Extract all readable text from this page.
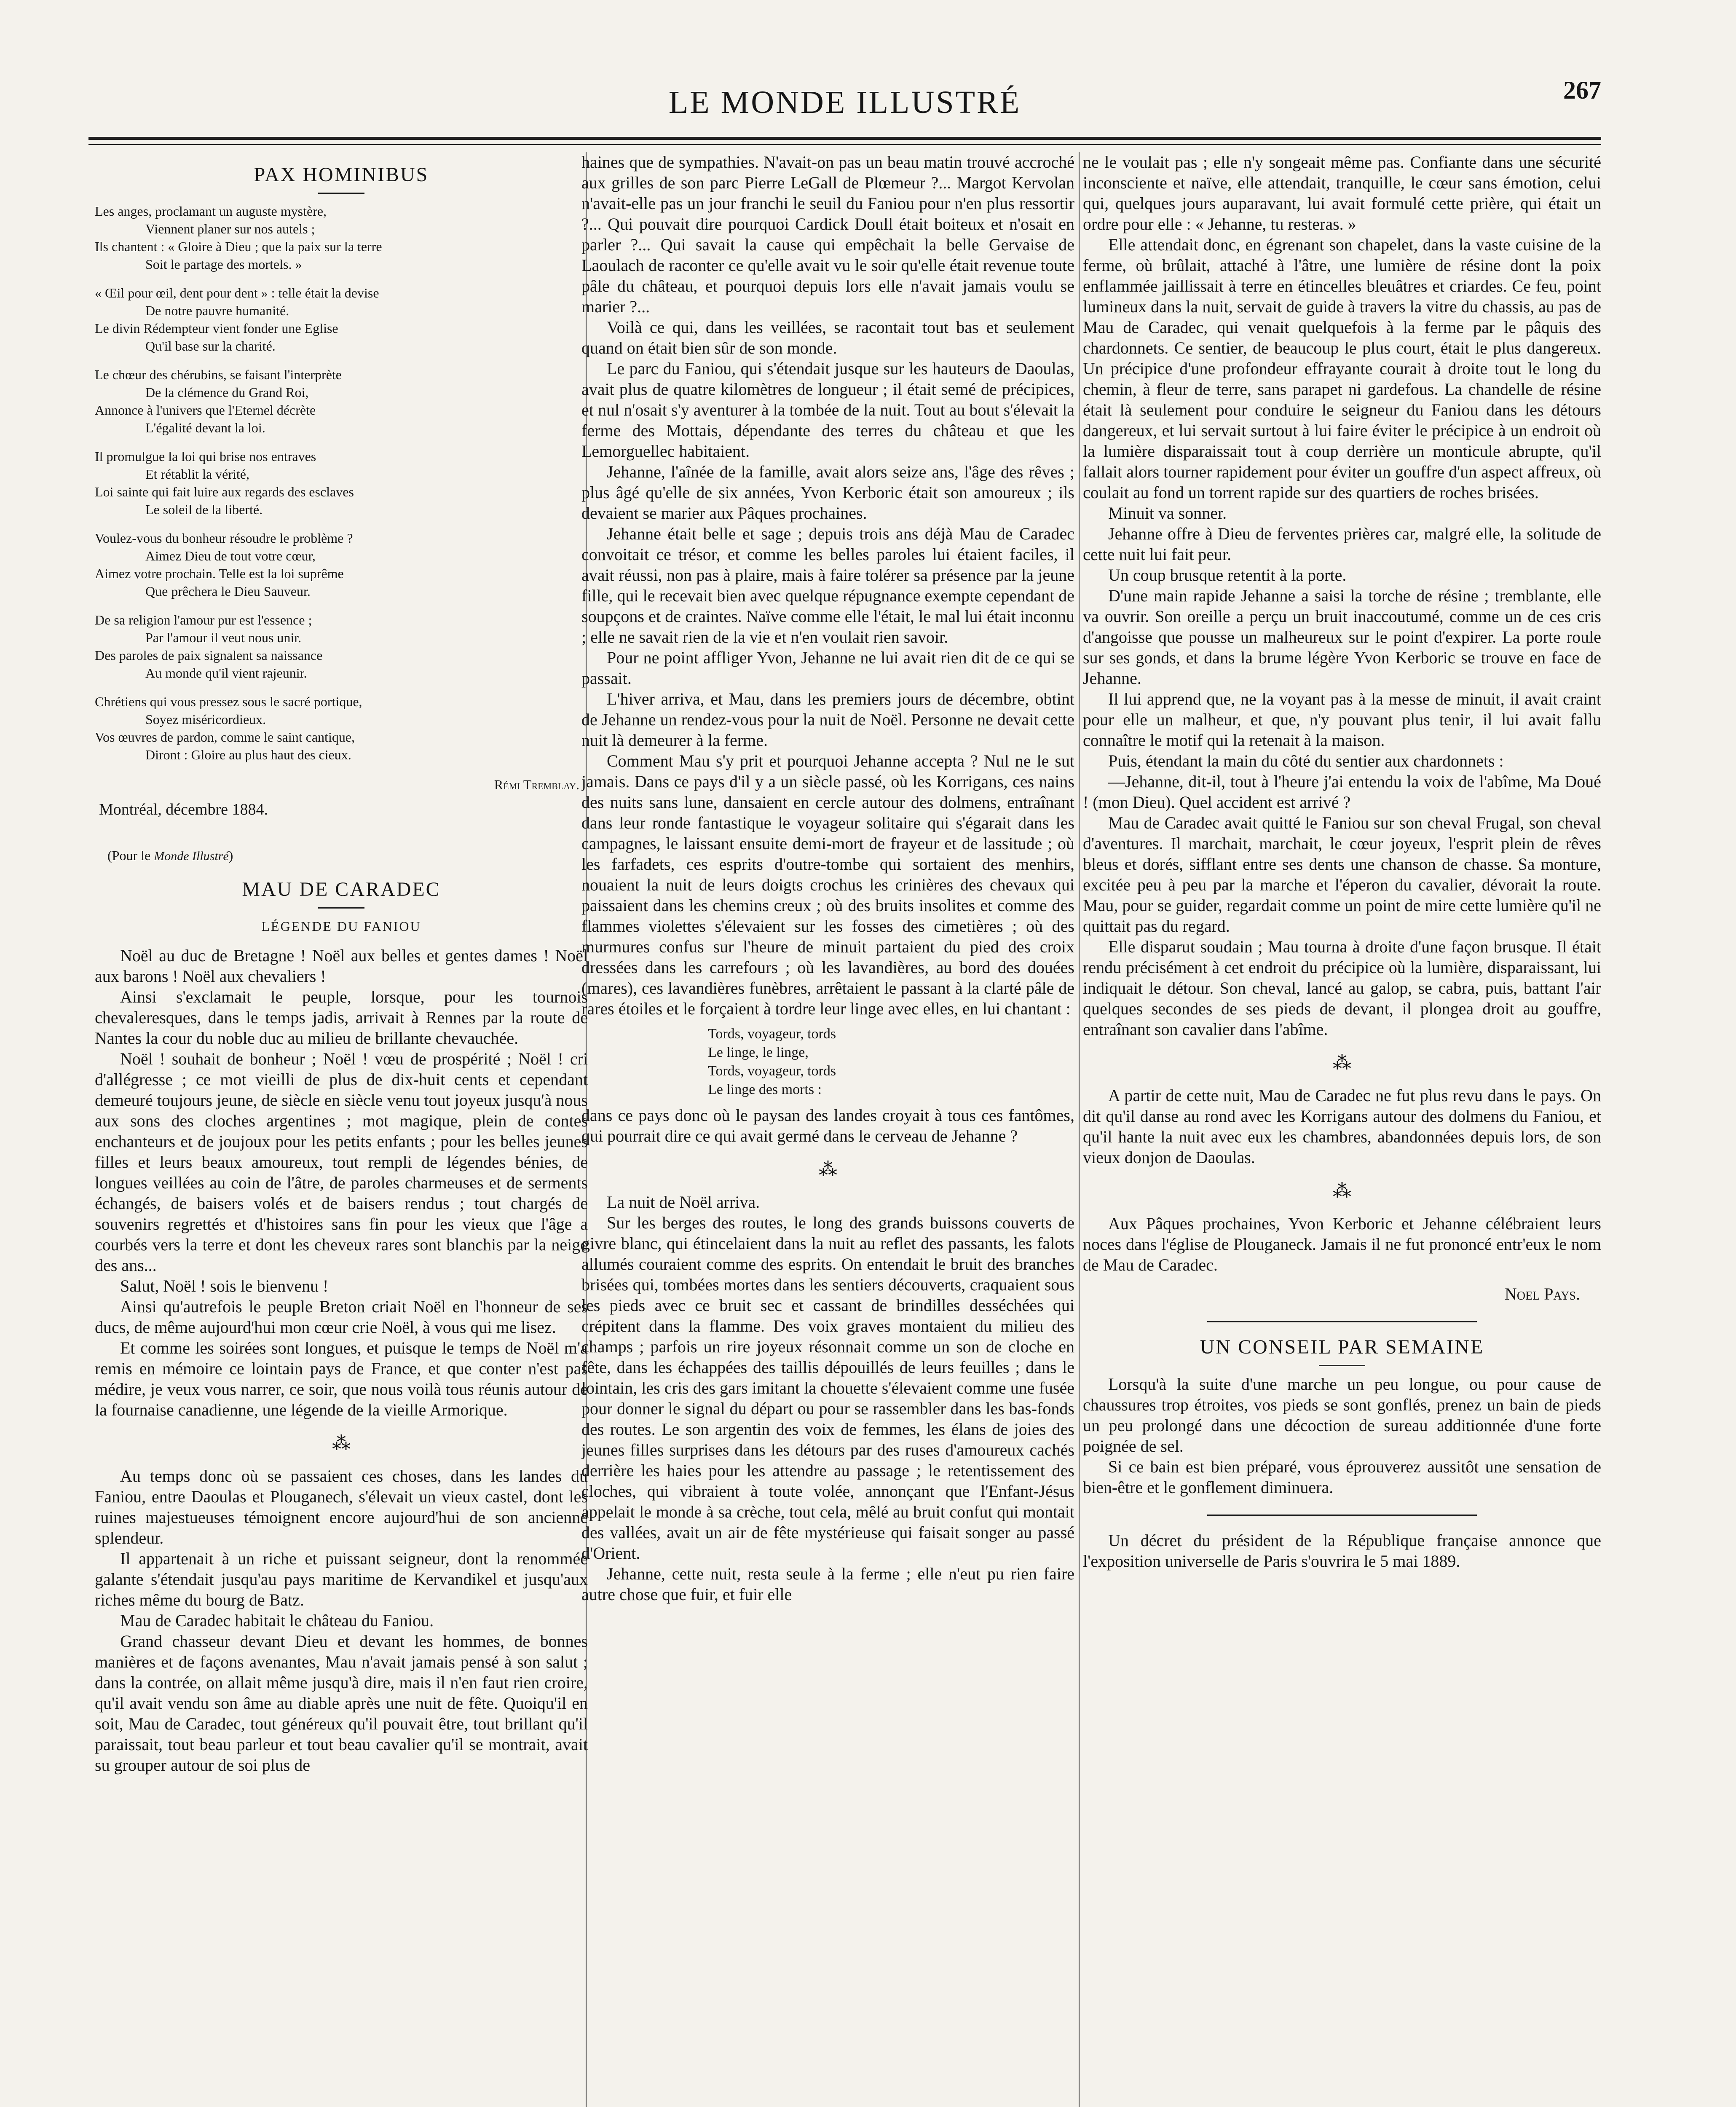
LE MONDE ILLUSTRÉ	267
PAX HOMINIBUS
Les anges, proclamant un auguste mystère,
Viennent planer sur nos autels ;
Ils chantent : « Gloire à Dieu ; que la paix sur la terre
Soit le partage des mortels. »
« Œil pour œil, dent pour dent » : telle était la devise
De notre pauvre humanité.
Le divin Rédempteur vient fonder une Eglise
Qu'il base sur la charité.
Le chœur des chérubins, se faisant l'interprète
De la clémence du Grand Roi,
Annonce à l'univers que l'Eternel décrète
L'égalité devant la loi.
Il promulgue la loi qui brise nos entraves
Et rétablit la vérité,
Loi sainte qui fait luire aux regards des esclaves
Le soleil de la liberté.
Voulez-vous du bonheur résoudre le problème ?
Aimez Dieu de tout votre cœur,
Aimez votre prochain. Telle est la loi suprême
Que prêchera le Dieu Sauveur.
De sa religion l'amour pur est l'essence ;
Par l'amour il veut nous unir.
Des paroles de paix signalent sa naissance
Au monde qu'il vient rajeunir.
Chrétiens qui vous pressez sous le sacré portique,
Soyez miséricordieux.
Vos œuvres de pardon, comme le saint cantique,
Diront : Gloire au plus haut des cieux.
Rémi Tremblay.

Montréal, décembre 1884.

(Pour le Monde Illustré)
MAU DE CARADEC
LÉGENDE DU FANIOU

Noël au duc de Bretagne ! Noël aux belles et gentes dames ! Noël aux barons ! Noël aux chevaliers !

Ainsi s'exclamait le peuple, lorsque, pour les tournois chevaleresques, dans le temps jadis, arrivait à Rennes par la route de Nantes la cour du noble duc au milieu de brillante chevauchée.

Noël ! souhait de bonheur ; Noël ! vœu de prospérité ; Noël ! cri d'allégresse ; ce mot vieilli de plus de dix-huit cents et cependant demeuré toujours jeune, de siècle en siècle venu tout joyeux jusqu'à nous aux sons des cloches argentines ; mot magique, plein de contes enchanteurs et de joujoux pour les petits enfants ; pour les belles jeunes filles et leurs beaux amoureux, tout rempli de légendes bénies, de longues veillées au coin de l'âtre, de paroles charmeuses et de serments échangés, de baisers volés et de baisers rendus ; tout chargés de souvenirs regrettés et d'histoires sans fin pour les vieux que l'âge a courbés vers la terre et dont les cheveux rares sont blanchis par la neige des ans...

Salut, Noël ! sois le bienvenu !

Ainsi qu'autrefois le peuple Breton criait Noël en l'honneur de ses ducs, de même aujourd'hui mon cœur crie Noël, à vous qui me lisez.

Et comme les soirées sont longues, et puisque le temps de Noël m'a remis en mémoire ce lointain pays de France, et que conter n'est pas médire, je veux vous narrer, ce soir, que nous voilà tous réunis autour de la fournaise canadienne, une légende de la vieille Armorique.

⁂

Au temps donc où se passaient ces choses, dans les landes du Faniou, entre Daoulas et Plouganech, s'élevait un vieux castel, dont les ruines majestueuses témoignent encore aujourd'hui de son ancienne splendeur.

Il appartenait à un riche et puissant seigneur, dont la renommée galante s'étendait jusqu'au pays maritime de Kervandikel et jusqu'aux riches même du bourg de Batz.

Mau de Caradec habitait le château du Faniou.

Grand chasseur devant Dieu et devant les hommes, de bonnes manières et de façons avenantes, Mau n'avait jamais pensé à son salut ; dans la contrée, on allait même jusqu'à dire, mais il n'en faut rien croire, qu'il avait vendu son âme au diable après une nuit de fête. Quoiqu'il en soit, Mau de Caradec, tout généreux qu'il pouvait être, tout brillant qu'il paraissait, tout beau parleur et tout beau cavalier qu'il se montrait, avait su grouper autour de soi plus de

haines que de sympathies. N'avait-on pas un beau matin trouvé accroché aux grilles de son parc Pierre LeGall de Plœmeur ?... Margot Kervolan n'avait-elle pas un jour franchi le seuil du Faniou pour n'en plus ressortir ?... Qui pouvait dire pourquoi Cardick Doull était boiteux et n'osait en parler ?... Qui savait la cause qui empêchait la belle Gervaise de Laoulach de raconter ce qu'elle avait vu le soir qu'elle était revenue toute pâle du château, et pourquoi depuis lors elle n'avait jamais voulu se marier ?...

Voilà ce qui, dans les veillées, se racontait tout bas et seulement quand on était bien sûr de son monde.

Le parc du Faniou, qui s'étendait jusque sur les hauteurs de Daoulas, avait plus de quatre kilomètres de longueur ; il était semé de précipices, et nul n'osait s'y aventurer à la tombée de la nuit. Tout au bout s'élevait la ferme des Mottais, dépendante des terres du château et que les Lemorguellec habitaient.

Jehanne, l'aînée de la famille, avait alors seize ans, l'âge des rêves ; plus âgé qu'elle de six années, Yvon Kerboric était son amoureux ; ils devaient se marier aux Pâques prochaines.

Jehanne était belle et sage ; depuis trois ans déjà Mau de Caradec convoitait ce trésor, et comme les belles paroles lui étaient faciles, il avait réussi, non pas à plaire, mais à faire tolérer sa présence par la jeune fille, qui le recevait bien avec quelque répugnance exempte cependant de soupçons et de craintes. Naïve comme elle l'était, le mal lui était inconnu ; elle ne savait rien de la vie et n'en voulait rien savoir.

Pour ne point affliger Yvon, Jehanne ne lui avait rien dit de ce qui se passait.

L'hiver arriva, et Mau, dans les premiers jours de décembre, obtint de Jehanne un rendez-vous pour la nuit de Noël. Personne ne devait cette nuit là demeurer à la ferme.

Comment Mau s'y prit et pourquoi Jehanne accepta ? Nul ne le sut jamais. Dans ce pays d'il y a un siècle passé, où les Korrigans, ces nains des nuits sans lune, dansaient en cercle autour des dolmens, entraînant dans leur ronde fantastique le voyageur solitaire qui s'égarait dans les campagnes, le laissant ensuite demi-mort de frayeur et de lassitude ; où les farfadets, ces esprits d'outre-tombe qui sortaient des menhirs, nouaient la nuit de leurs doigts crochus les crinières des chevaux qui paissaient dans les chemins creux ; où des bruits insolites et comme des flammes violettes s'élevaient sur les fosses des cimetières ; où des murmures confus sur l'heure de minuit partaient du pied des croix dressées dans les carrefours ; où les lavandières, au bord des douées (mares), ces lavandières funèbres, arrêtaient le passant à la clarté pâle de rares étoiles et le forçaient à tordre leur linge avec elles, en lui chantant :

Tords, voyageur, tords
Le linge, le linge,
Tords, voyageur, tords
Le linge des morts :

dans ce pays donc où le paysan des landes croyait à tous ces fantômes, qui pourrait dire ce qui avait germé dans le cerveau de Jehanne ?

⁂

La nuit de Noël arriva.

Sur les berges des routes, le long des grands buissons couverts de givre blanc, qui étincelaient dans la nuit au reflet des passants, les falots allumés couraient comme des esprits. On entendait le bruit des branches brisées qui, tombées mortes dans les sentiers découverts, craquaient sous les pieds avec ce bruit sec et cassant de brindilles desséchées qui crépitent dans la flamme. Des voix graves montaient du milieu des champs ; parfois un rire joyeux résonnait comme un son de cloche en fête, dans les échappées des taillis dépouillés de leurs feuilles ; dans le lointain, les cris des gars imitant la chouette s'élevaient comme une fusée pour donner le signal du départ ou pour se rassembler dans les bas-fonds des routes. Le son argentin des voix de femmes, les élans de joies des jeunes filles surprises dans les détours par des ruses d'amoureux cachés derrière les haies pour les attendre au passage ; le retentissement des cloches, qui vibraient à toute volée, annonçant que l'Enfant-Jésus appelait le monde à sa crèche, tout cela, mêlé au bruit confut qui montait des vallées, avait un air de fête mystérieuse qui faisait songer au passé d'Orient.

Jehanne, cette nuit, resta seule à la ferme ; elle n'eut pu rien faire autre chose que fuir, et fuir elle

ne le voulait pas ; elle n'y songeait même pas. Confiante dans une sécurité inconsciente et naïve, elle attendait, tranquille, le cœur sans émotion, celui qui, quelques jours auparavant, lui avait formulé cette prière, qui était un ordre pour elle : « Jehanne, tu resteras. »

Elle attendait donc, en égrenant son chapelet, dans la vaste cuisine de la ferme, où brûlait, attaché à l'âtre, une lumière de résine dont la poix enflammée jaillissait à terre en étincelles bleuâtres et criardes. Ce feu, point lumineux dans la nuit, servait de guide à travers la vitre du chassis, au pas de Mau de Caradec, qui venait quelquefois à la ferme par le pâquis des chardonnets. Ce sentier, de beaucoup le plus court, était le plus dangereux. Un précipice d'une profondeur effrayante courait à droite tout le long du chemin, à fleur de terre, sans parapet ni gardefous. La chandelle de résine était là seulement pour conduire le seigneur du Faniou dans les détours dangereux, et lui servait surtout à lui faire éviter le précipice à un endroit où la lumière disparaissait tout à coup derrière un monticule abrupte, qu'il fallait alors tourner rapidement pour éviter un gouffre d'un aspect affreux, où coulait au fond un torrent rapide sur des quartiers de roches brisées.

Minuit va sonner.

Jehanne offre à Dieu de ferventes prières car, malgré elle, la solitude de cette nuit lui fait peur.

Un coup brusque retentit à la porte.

D'une main rapide Jehanne a saisi la torche de résine ; tremblante, elle va ouvrir. Son oreille a perçu un bruit inaccoutumé, comme un de ces cris d'angoisse que pousse un malheureux sur le point d'expirer. La porte roule sur ses gonds, et dans la brume légère Yvon Kerboric se trouve en face de Jehanne.

Il lui apprend que, ne la voyant pas à la messe de minuit, il avait craint pour elle un malheur, et que, n'y pouvant plus tenir, il lui avait fallu connaître le motif qui la retenait à la maison.

Puis, étendant la main du côté du sentier aux chardonnets :

—Jehanne, dit-il, tout à l'heure j'ai entendu la voix de l'abîme, Ma Doué ! (mon Dieu). Quel accident est arrivé ?

Mau de Caradec avait quitté le Faniou sur son cheval Frugal, son cheval d'aventures. Il marchait, marchait, le cœur joyeux, l'esprit plein de rêves bleus et dorés, sifflant entre ses dents une chanson de chasse. Sa monture, excitée peu à peu par la marche et l'éperon du cavalier, dévorait la route. Mau, pour se guider, regardait comme un point de mire cette lumière qu'il ne quittait pas du regard.

Elle disparut soudain ; Mau tourna à droite d'une façon brusque. Il était rendu précisément à cet endroit du précipice où la lumière, disparaissant, lui indiquait le détour. Son cheval, lancé au galop, se cabra, puis, battant l'air quelques secondes de ses pieds de devant, il plongea droit au gouffre, entraînant son cavalier dans l'abîme.

⁂

A partir de cette nuit, Mau de Caradec ne fut plus revu dans le pays. On dit qu'il danse au rond avec les Korrigans autour des dolmens du Faniou, et qu'il hante la nuit avec eux les chambres, abandonnées depuis lors, de son vieux donjon de Daoulas.

⁂

Aux Pâques prochaines, Yvon Kerboric et Jehanne célébraient leurs noces dans l'église de Plouganeck. Jamais il ne fut prononcé entr'eux le nom de Mau de Caradec.

Noel Pays.
UN CONSEIL PAR SEMAINE

Lorsqu'à la suite d'une marche un peu longue, ou pour cause de chaussures trop étroites, vos pieds se sont gonflés, prenez un bain de pieds un peu prolongé dans une décoction de sureau additionnée d'une forte poignée de sel.

Si ce bain est bien préparé, vous éprouverez aussitôt une sensation de bien-être et le gonflement diminuera.

Un décret du président de la République française annonce que l'exposition universelle de Paris s'ouvrira le 5 mai 1889.
